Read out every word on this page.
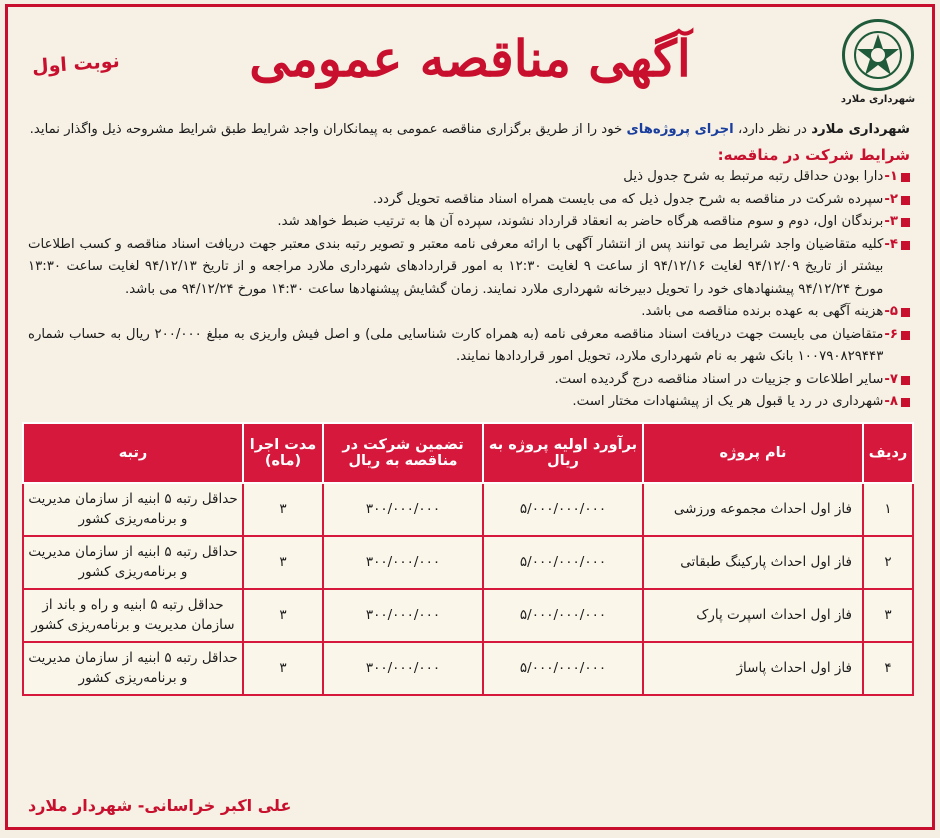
شهرداری ملارد
آگهی مناقصه عمومی
نوبت اول

شهرداری ملارد در نظر دارد، اجرای پروژه‌های خود را از طریق برگزاری مناقصه عمومی به پیمانکاران واجد شرایط طبق شرایط مشروحه ذیل واگذار نماید.

شرایط شرکت در مناقصه:
۱-
دارا بودن حداقل رتبه مرتبط به شرح جدول ذیل
۲-
سپرده شرکت در مناقصه به شرح جدول ذیل که می بایست همراه اسناد مناقصه تحویل گردد.
۳-
برندگان اول، دوم و سوم مناقصه هرگاه حاضر به انعقاد قرارداد نشوند، سپرده آن ها به ترتیب ضبط خواهد شد.
۴-
کلیه متقاضیان واجد شرایط می توانند پس از انتشار آگهی با ارائه معرفی نامه معتبر و تصویر رتبه بندی معتبر جهت دریافت اسناد مناقصه و کسب اطلاعات بیشتر از تاریخ ۹۴/۱۲/۰۹ لغایت ۹۴/۱۲/۱۶ از ساعت ۹ لغایت ۱۲:۳۰ به امور قراردادهای شهرداری ملارد مراجعه و از تاریخ ۹۴/۱۲/۱۳ لغایت ساعت ۱۳:۳۰ مورخ ۹۴/۱۲/۲۴ پیشنهادهای خود را تحویل دبیرخانه شهرداری ملارد نمایند. زمان گشایش پیشنهادها ساعت ۱۴:۳۰ مورخ ۹۴/۱۲/۲۴ می باشد.
۵-
هزینه آگهی به عهده برنده مناقصه می باشد.
۶-
متقاضیان می بایست جهت دریافت اسناد مناقصه معرفی نامه (به همراه کارت شناسایی ملی) و اصل فیش واریزی به مبلغ ۲۰۰/۰۰۰ ریال به حساب شماره ۱۰۰۷۹۰۸۲۹۴۴۳ بانک شهر به نام شهرداری ملارد، تحویل امور قراردادها نمایند.
۷-
سایر اطلاعات و جزییات در اسناد مناقصه درج گردیده است.
۸-
شهرداری در رد یا قبول هر یک از پیشنهادات مختار است.
ردیف	نام پروژه	برآورد اولیه پروژه به ریال	تضمین شرکت در مناقصه به ریال	مدت اجرا (ماه)	رتبه
۱	فاز اول احداث مجموعه ورزشی	۵/۰۰۰/۰۰۰/۰۰۰	۳۰۰/۰۰۰/۰۰۰	۳	حداقل رتبه ۵ ابنیه از سازمان مدیریت و برنامه‌ریزی کشور
۲	فاز اول احداث پارکینگ طبقاتی	۵/۰۰۰/۰۰۰/۰۰۰	۳۰۰/۰۰۰/۰۰۰	۳	حداقل رتبه ۵ ابنیه از سازمان مدیریت و برنامه‌ریزی کشور
۳	فاز اول احداث اسپرت پارک	۵/۰۰۰/۰۰۰/۰۰۰	۳۰۰/۰۰۰/۰۰۰	۳	حداقل رتبه ۵ ابنیه و راه و باند از سازمان مدیریت و برنامه‌ریزی کشور
۴	فاز اول احداث پاساژ	۵/۰۰۰/۰۰۰/۰۰۰	۳۰۰/۰۰۰/۰۰۰	۳	حداقل رتبه ۵ ابنیه از سازمان مدیریت و برنامه‌ریزی کشور
علی اکبر خراسانی- شهردار ملارد
